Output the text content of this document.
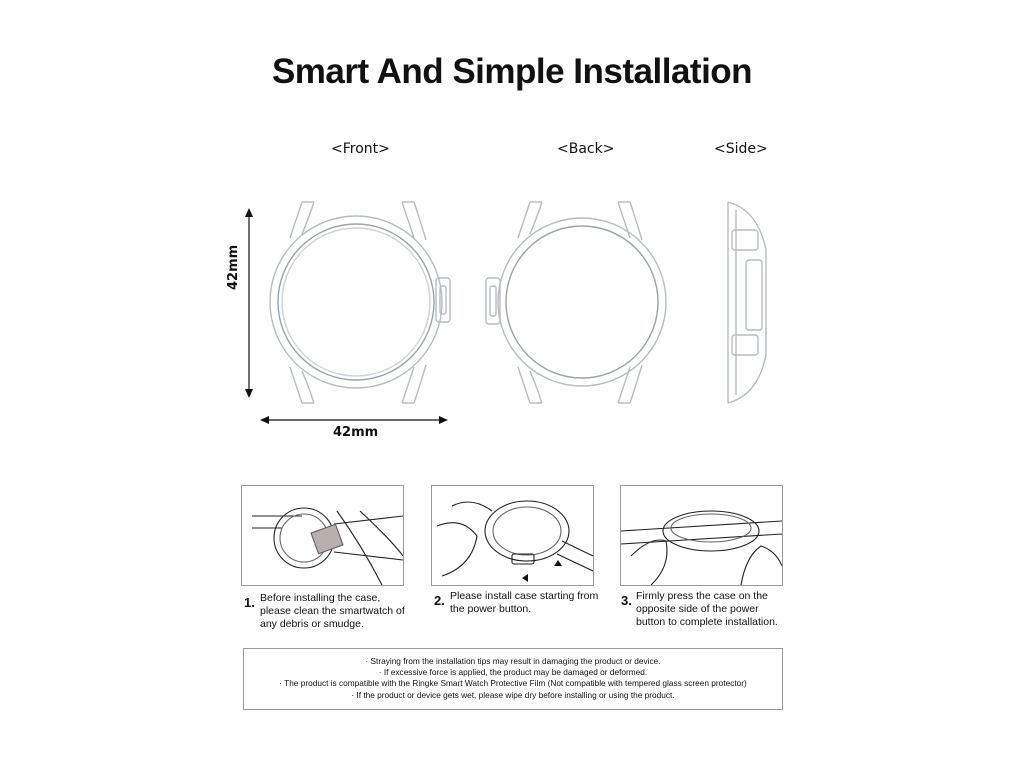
Smart And Simple Installation
<Front>	<Back>	<Side>
42mm
42mm
1. Before installing the case,
please clean the smartwatch of
any debris or smudge.
2. Please install case starting from
the power button.
3. Firmly press the case on the
opposite side of the power
button to complete installation.
· Straying from the installation tips may result in damaging the product or device.
· If excessive force is applied, the product may be damaged or deformed.
· The product is compatible with the Ringke Smart Watch Protective Film (Not compatible with tempered glass screen protector)
· If the product or device gets wet, please wipe dry before installing or using the product.
